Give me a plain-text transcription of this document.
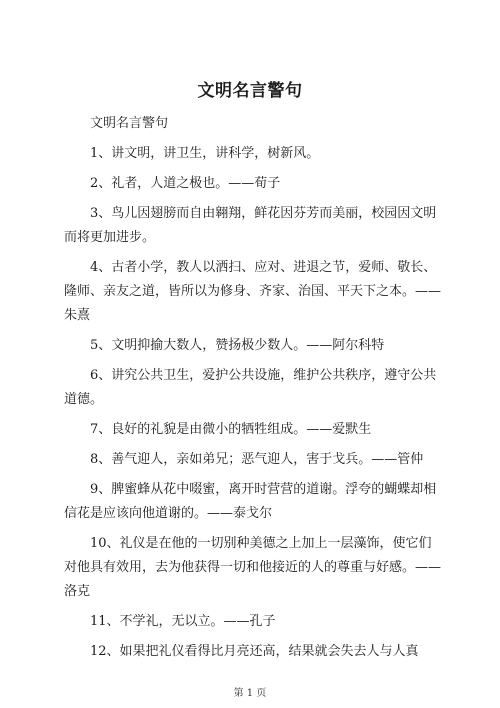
文明名言警句

文明名言警句

1、讲文明，讲卫生，讲科学，树新风。

2、礼者，人道之极也。——荀子

3、鸟儿因翅膀而自由翱翔，鲜花因芬芳而美丽，校园因文明而将更加进步。

4、古者小学，教人以洒扫、应对、进退之节，爱师、敬长、隆师、亲友之道，皆所以为修身、齐家、治国、平天下之本。——朱熹

5、文明抑揄大数人，赞扬极少数人。——阿尔科特

6、讲究公共卫生，爱护公共设施，维护公共秩序，遵守公共道德。

7、良好的礼貌是由微小的牺牲组成。——爱默生

8、善气迎人，亲如弟兄；恶气迎人，害于戈兵。——管仲

9、脾蜜蜂从花中啜蜜，离开时营营的道谢。浮夸的蝴蝶却相信花是应该向他道谢的。——泰戈尔

10、礼仪是在他的一切别种美德之上加上一层藻饰，使它们对他具有效用，去为他获得一切和他接近的人的尊重与好感。——洛克

11、不学礼，无以立。——孔子

12、如果把礼仪看得比月亮还高，结果就会失去人与人真

第 1 页
